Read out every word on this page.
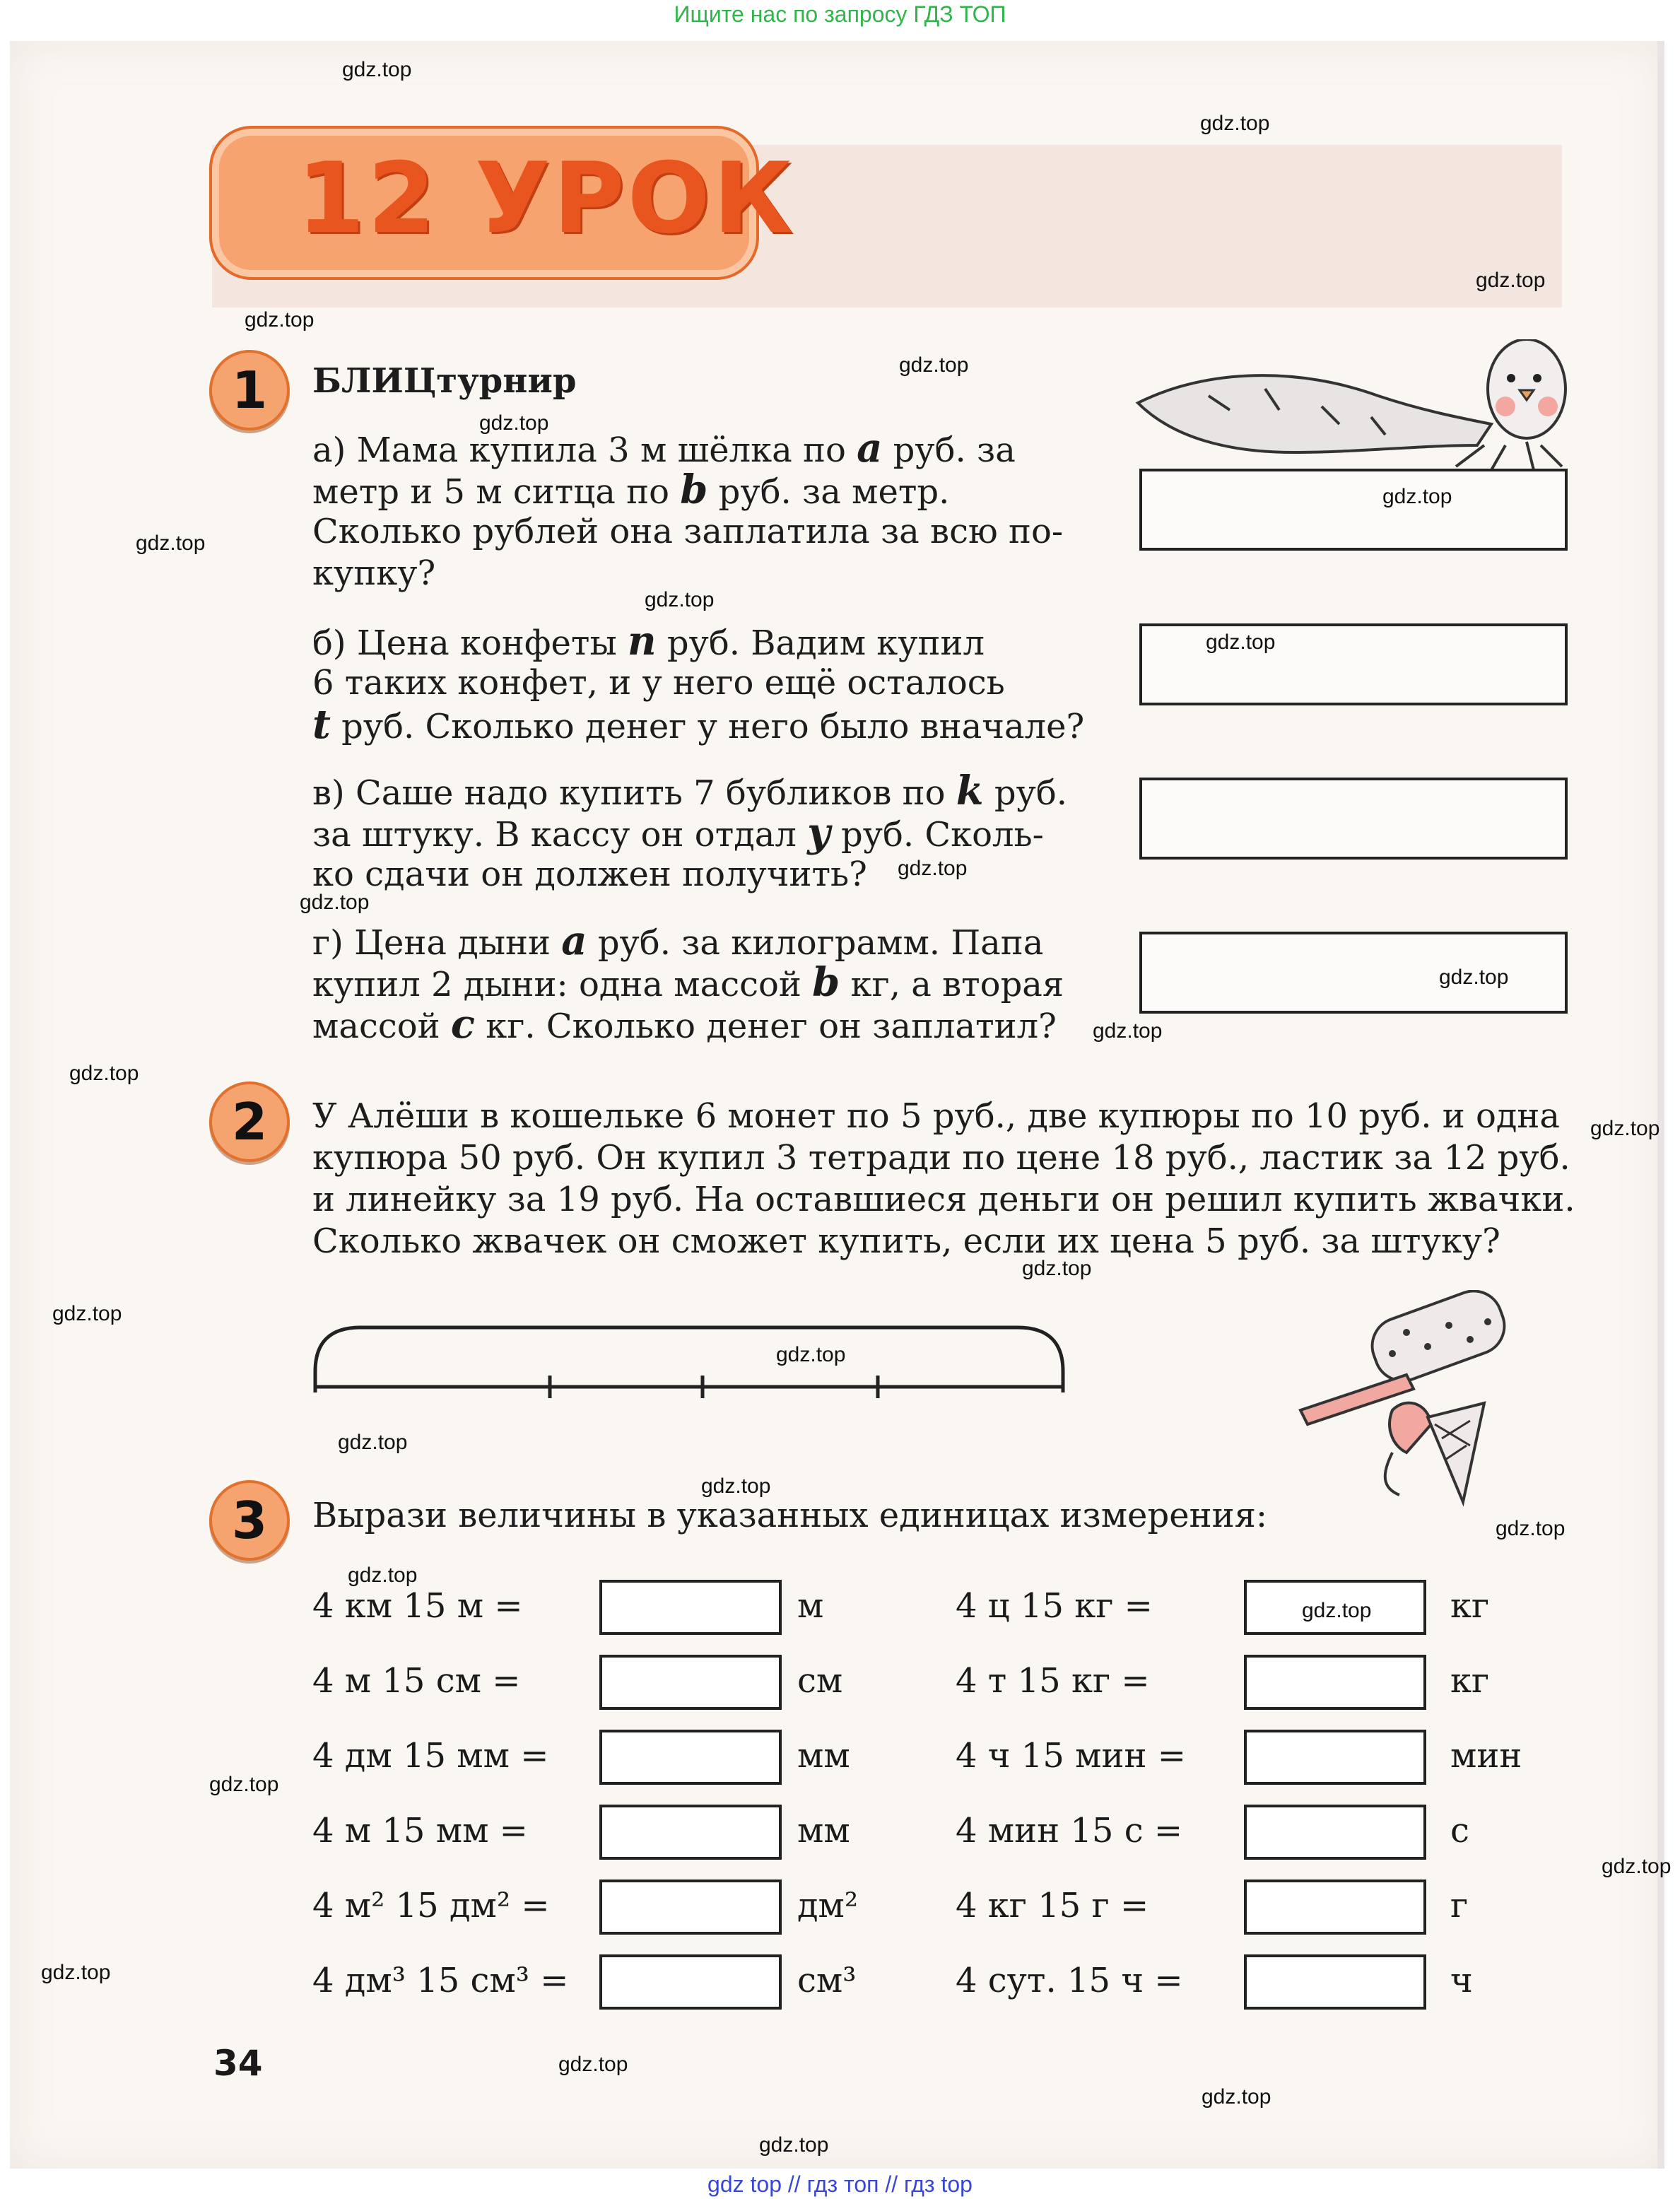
Ищите нас по запросу ГДЗ ТОП
12 УРОК
1	БЛИЦтурнир
а) Мама купила 3 м шёлка по a руб. за
метр и 5 м ситца по b руб. за метр.
Сколько рублей она заплатила за всю по-
купку?
б) Цена конфеты n руб. Вадим купил
6 таких конфет, и у него ещё осталось
t руб. Сколько денег у него было вначале?
в) Саше надо купить 7 бубликов по k руб.
за штуку. В кассу он отдал y руб. Сколь-
ко сдачи он должен получить?
г) Цена дыни a руб. за килограмм. Папа
купил 2 дыни: одна массой b кг, а вторая
массой c кг. Сколько денег он заплатил?
2	У Алёши в кошельке 6 монет по 5 руб., две купюры по 10 руб. и одна
купюра 50 руб. Он купил 3 тетради по цене 18 руб., ластик за 12 руб.
и линейку за 19 руб. На оставшиеся деньги он решил купить жвачки.
Сколько жвачек он сможет купить, если их цена 5 руб. за штуку?
3	Вырази величины в указанных единицах измерения:
4 км 15 м =	м
4 м 15 см =	см
4 дм 15 мм =	мм
4 м 15 мм =	мм
4 м² 15 дм² =	дм²
4 дм³ 15 см³ =	см³
4 ц 15 кг =	кг
4 т 15 кг =	кг
4 ч 15 мин =	мин
4 мин 15 с =	с
4 кг 15 г =	г
4 сут. 15 ч =	ч
34
gdz.top
gdz.top
gdz.top
gdz.top
gdz.top
gdz.top
gdz.top
gdz.top
gdz.top
gdz.top
gdz.top
gdz.top
gdz.top
gdz.top
gdz.top
gdz.top
gdz.top
gdz.top
gdz.top
gdz.top
gdz.top
gdz.top
gdz.top
gdz.top
gdz.top
gdz.top
gdz.top
gdz.top
gdz.top
gdz.top
gdz top // гдз топ // гдз top
